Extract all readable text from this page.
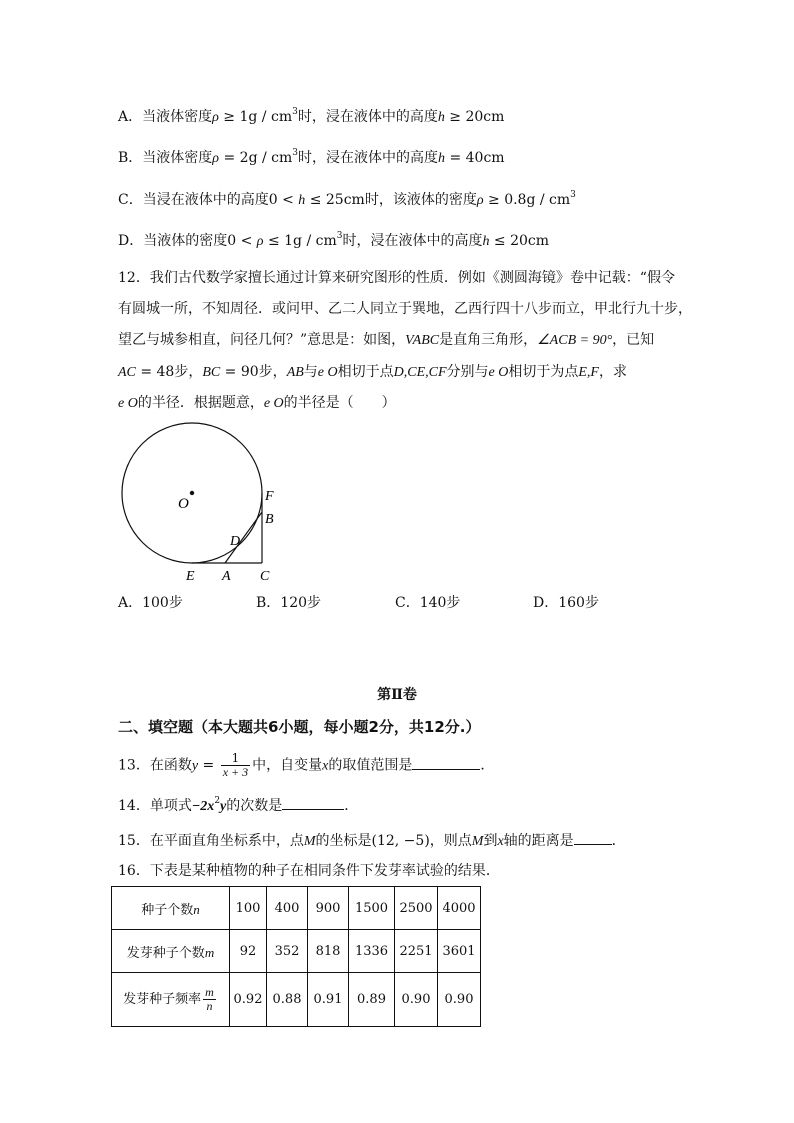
A．当液体密度$\rho \ge 1g / cm^3$时，浸在液体中的高度h ≥ 20cm
B．当液体密度$\rho = 2g / cm^3$时，浸在液体中的高度h = 40cm
C．当浸在液体中的高度0 < h ≤ 25cm时，该液体的密度$\rho \ge 0.8g / cm^3$
D．当液体的密度$0 < \rho \le 1g / cm^3$时，浸在液体中的高度h ≤ 20cm
12．我们古代数学家擅长通过计算来研究图形的性质．例如《测圆海镜》卷中记载：“假令
有圆城一所，不知周径．或问甲、乙二人同立于巽地，乙西行四十八步而立，甲北行九十步，
望乙与城参相直，问径几何？”意思是：如图，VABC是直角三角形，∠ACB = 90°，已知
AC = 48步，BC = 90步，AB与e O相切于点D,CE,CF分别与e O相切于为点E,F，求
e O的半径．根据题意，e O的半径是（　　）
O	F
B
D
E A C
A．100步	B．120步	C．140步	D．160步
第Ⅱ卷
二、填空题（本大题共6小题，每小题2分，共12分.）
13．在函数$y = \frac{1}{x + 3}$ 中，自变量x的取值范围是	．
14．单项式$-2x^2y$的次数是	．
15．在平面直角坐标系中，点M的坐标是(12, −5)，则点M到x轴的距离是	．
16．下表是某种植物的种子在相同条件下发芽率试验的结果．
种子个数n	100	400	900	1500	2500	4000
发芽种子个数m	92	352	818	1336	2251	3601
发芽种子频率 $\frac{m}{n}$	0.92	0.88	0.91	0.89	0.90	0.90
